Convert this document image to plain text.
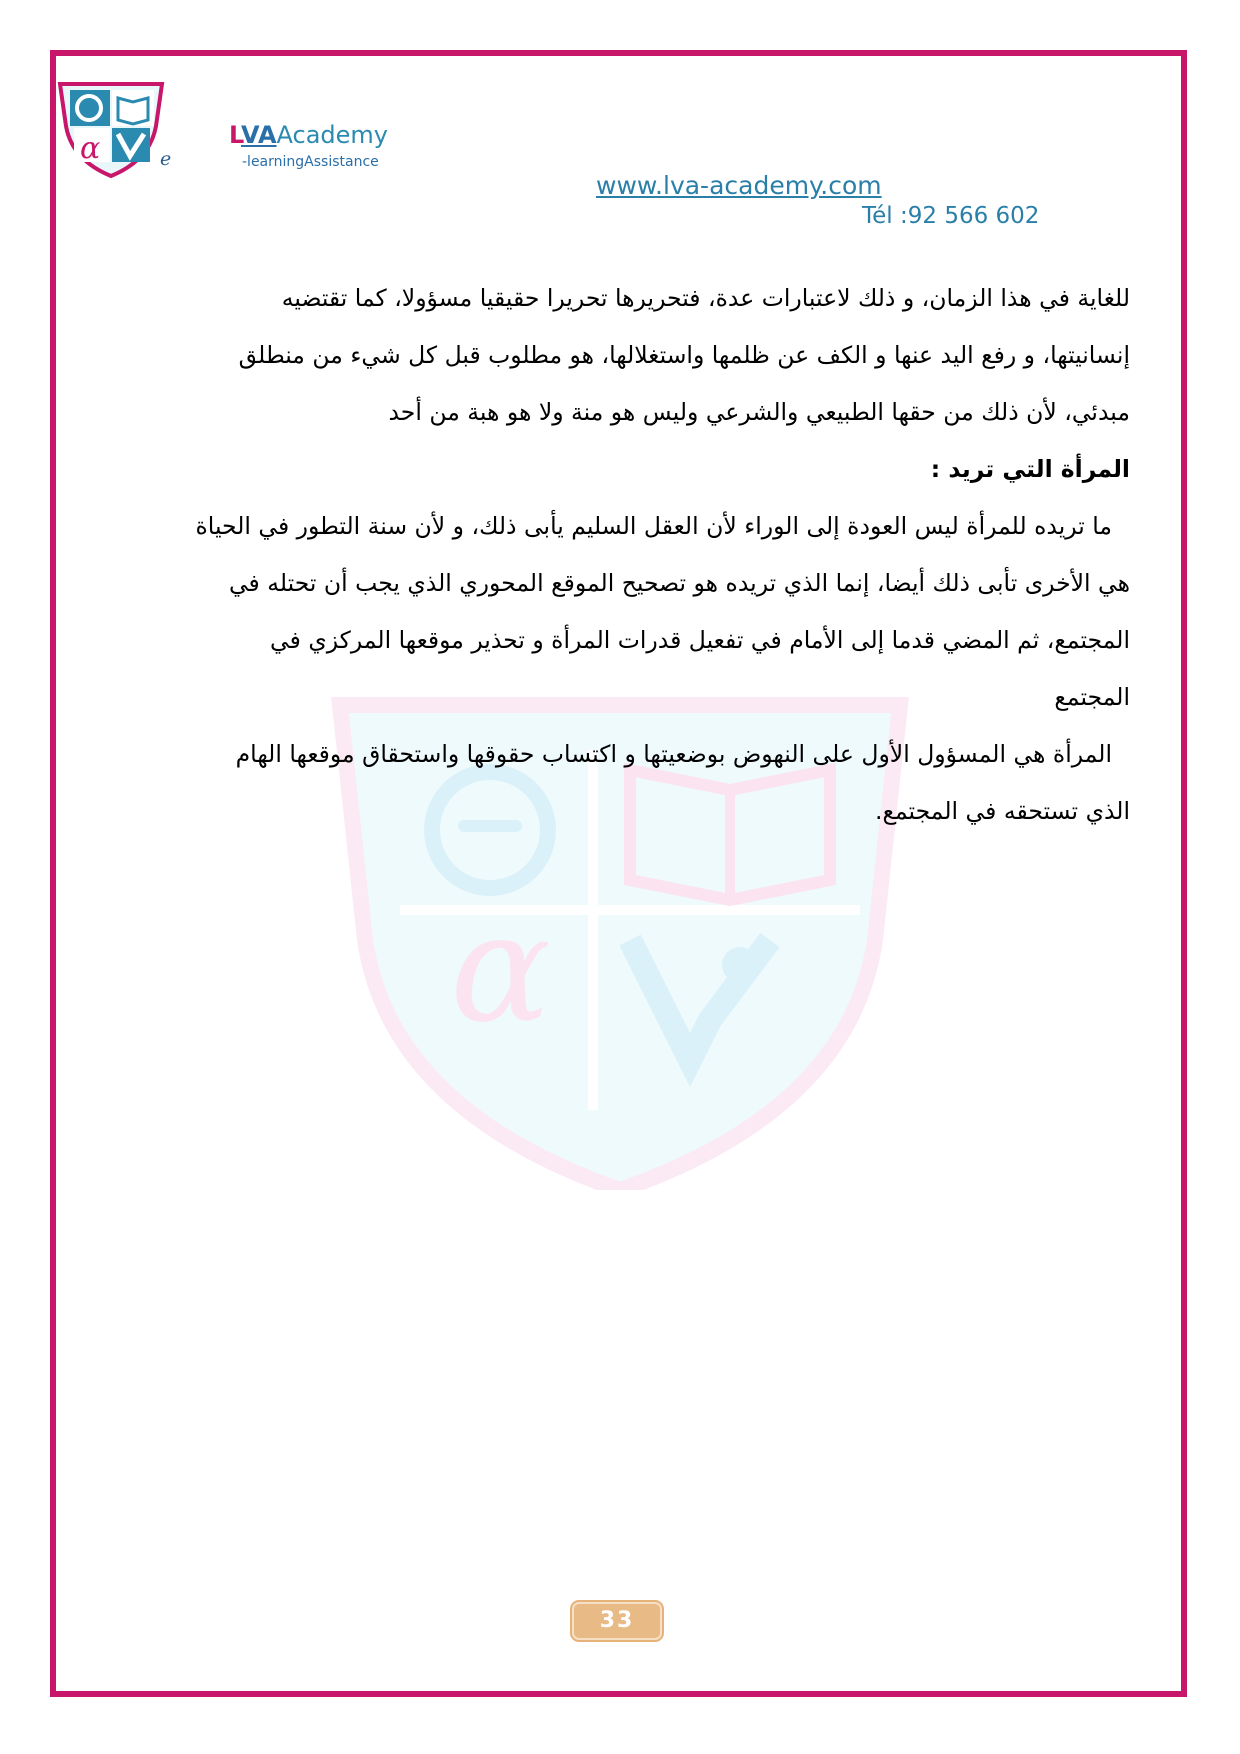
α
α	e
LVAAcademy
-learningAssistance
www.lva-academy.com
Tél :92 566 602
للغاية في هذا الزمان، و ذلك لاعتبارات عدة، فتحريرها تحريرا حقيقيا مسؤولا، كما تقتضيه
إنسانيتها، و رفع اليد عنها و الكف عن ظلمها واستغلالها، هو مطلوب قبل كل شيء من منطلق
مبدئي، لأن ذلك من حقها الطبيعي والشرعي وليس هو منة ولا هو هبة من أحد
المرأة التي تريد :
ما تريده للمرأة ليس العودة إلى الوراء لأن العقل السليم يأبى ذلك، و لأن سنة التطور في الحياة
هي الأخرى تأبى ذلك أيضا، إنما الذي تريده هو تصحيح الموقع المحوري الذي يجب أن تحتله في
المجتمع، ثم المضي قدما إلى الأمام في تفعيل قدرات المرأة و تحذير موقعها المركزي في
المجتمع
المرأة هي المسؤول الأول على النهوض بوضعيتها و اكتساب حقوقها واستحقاق موقعها الهام
الذي تستحقه في المجتمع.
33
